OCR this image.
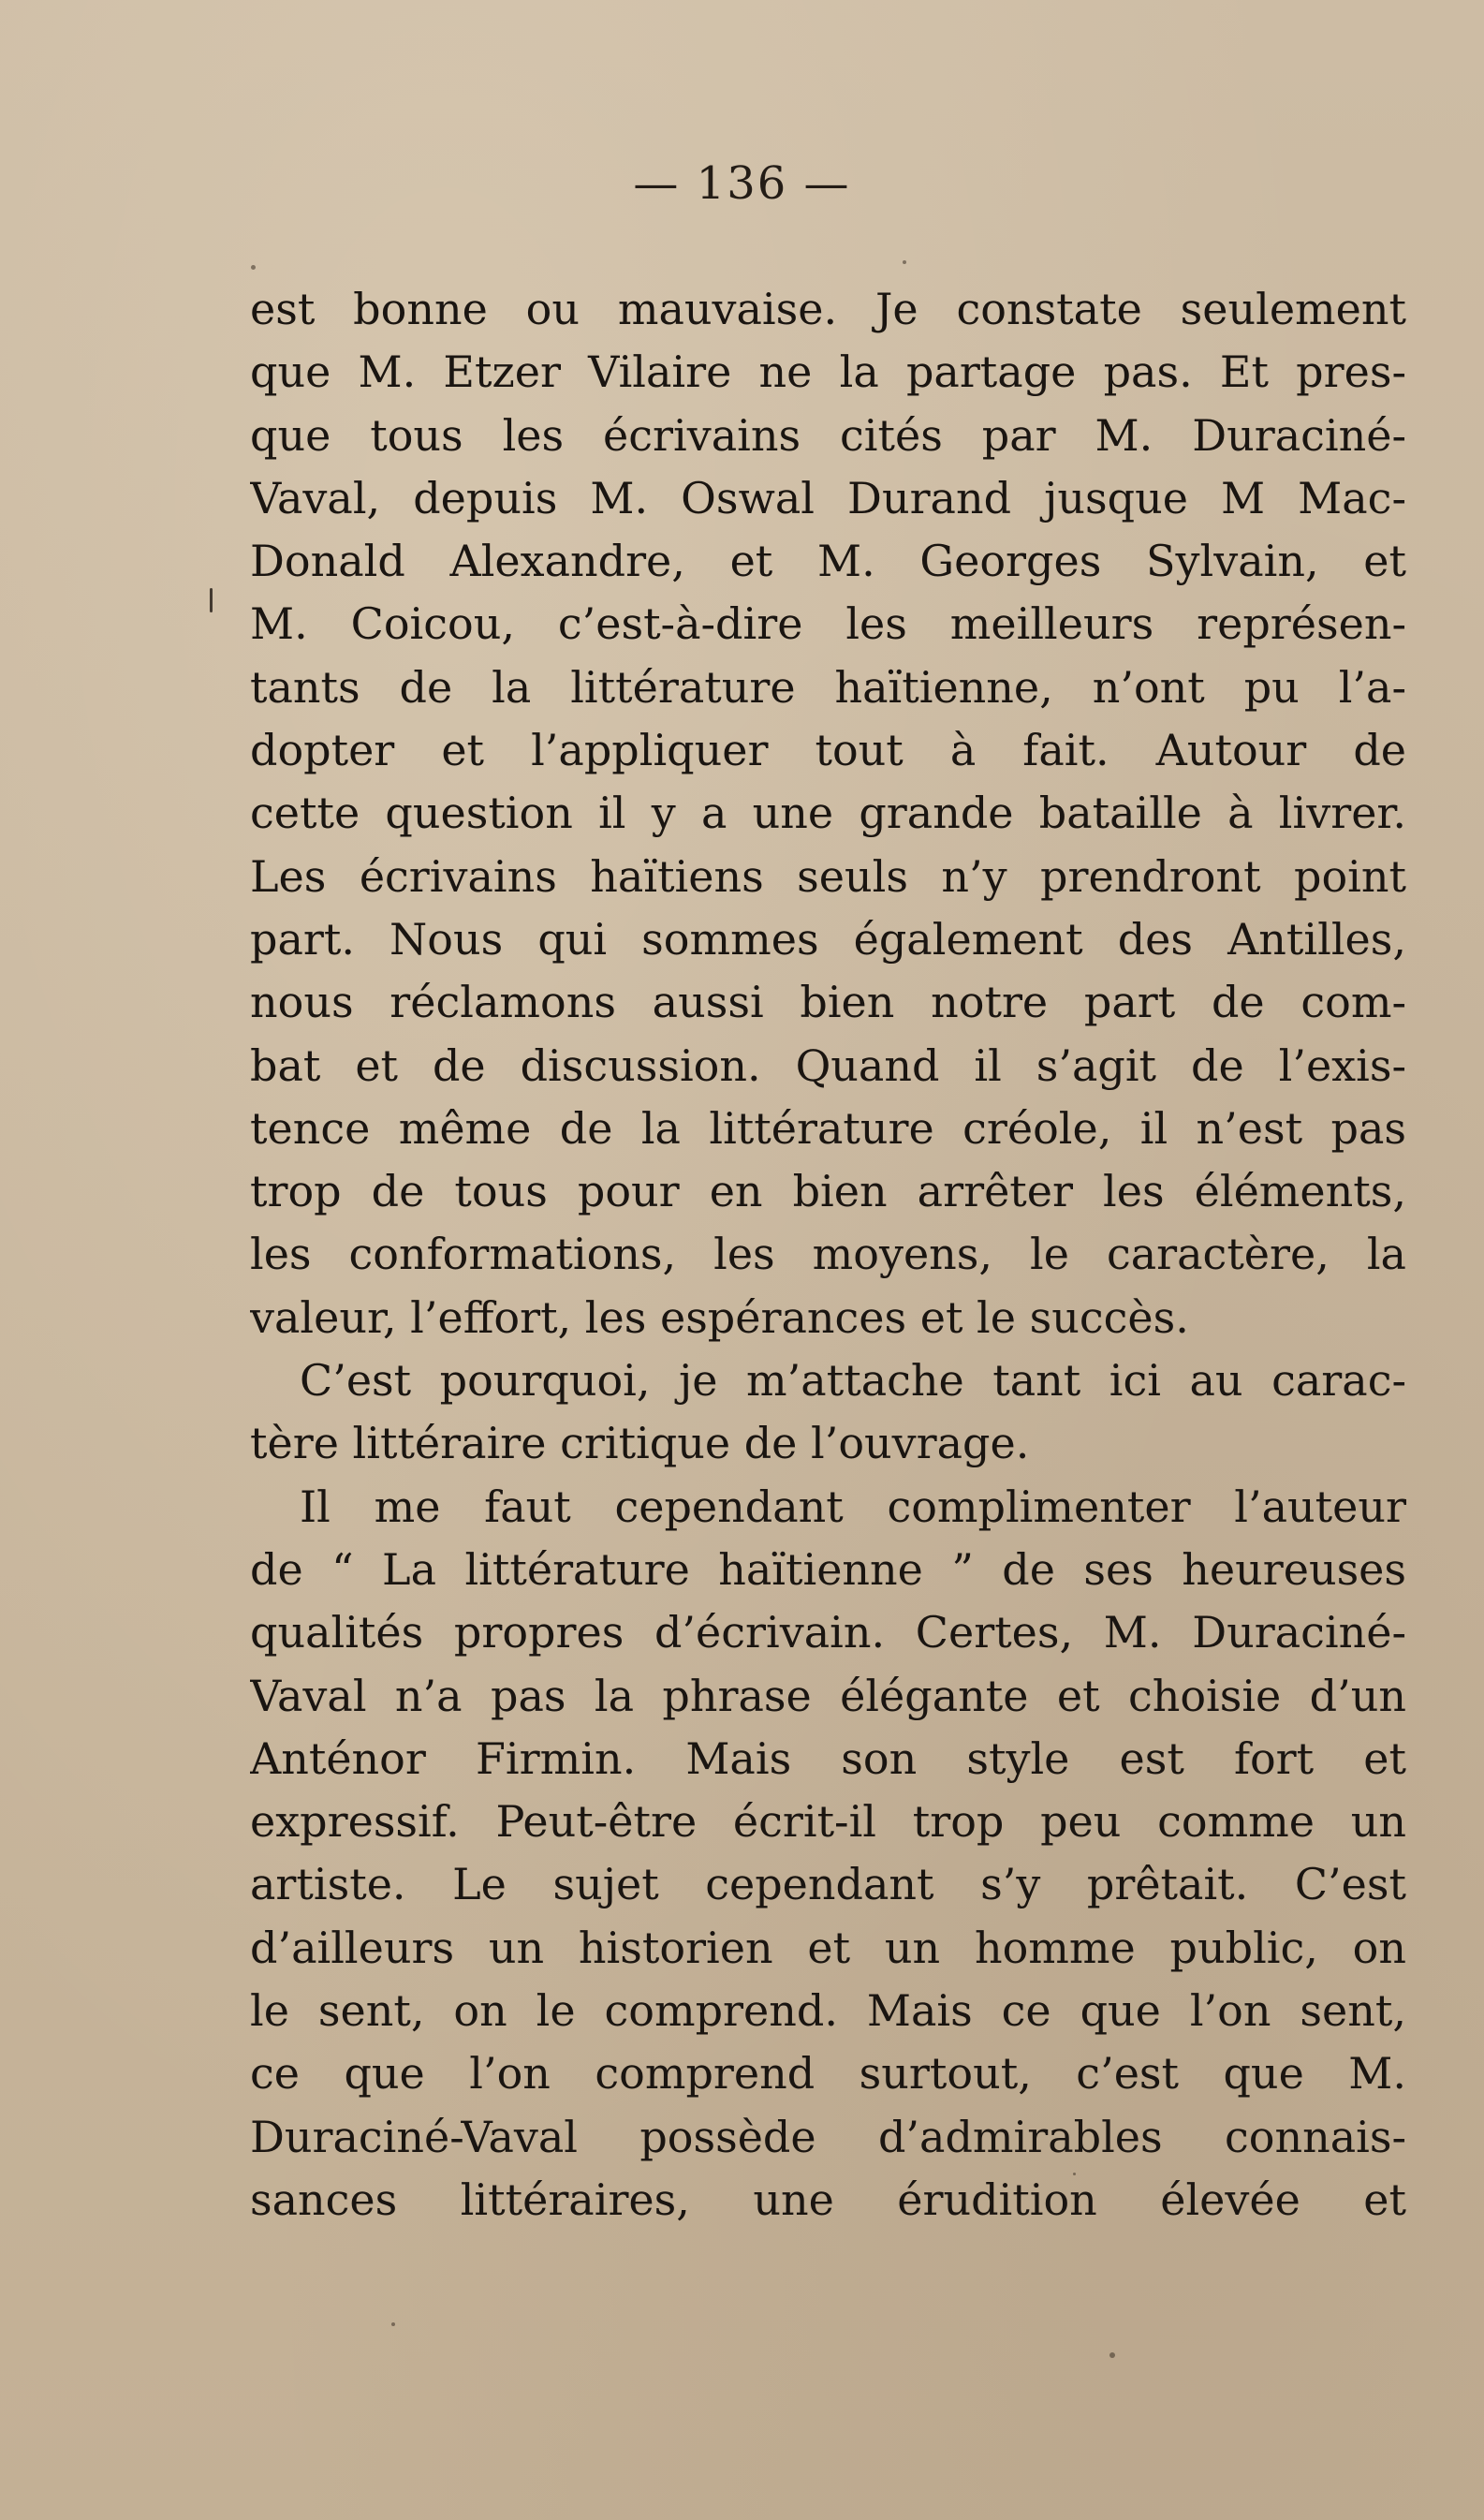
— 136 —
est bonne ou mauvaise. Je constate seulement
que M. Etzer Vilaire ne la partage pas. Et pres-
que tous les écrivains cités par M. Duraciné-
Vaval, depuis M. Oswal Durand jusque M Mac-
Donald Alexandre, et M. Georges Sylvain, et
M. Coicou, c’est-à-dire les meilleurs représen-
tants de la littérature haïtienne, n’ont pu l’a-
dopter et l’appliquer tout à fait. Autour de
cette question il y a une grande bataille à livrer.
Les écrivains haïtiens seuls n’y prendront point
part. Nous qui sommes également des Antilles,
nous réclamons aussi bien notre part de com-
bat et de discussion. Quand il s’agit de l’exis-
tence même de la littérature créole, il n’est pas
trop de tous pour en bien arrêter les éléments,
les conformations, les moyens, le caractère, la
valeur, l’effort, les espérances et le succès.
C’est pourquoi, je m’attache tant ici au carac-
tère littéraire critique de l’ouvrage.
Il me faut cependant complimenter l’auteur
de “ La littérature haïtienne ” de ses heureuses
qualités propres d’écrivain. Certes, M. Duraciné-
Vaval n’a pas la phrase élégante et choisie d’un
Anténor Firmin. Mais son style est fort et
expressif. Peut-être écrit-il trop peu comme un
artiste. Le sujet cependant s’y prêtait. C’est
d’ailleurs un historien et un homme public, on
le sent, on le comprend. Mais ce que l’on sent,
ce que l’on comprend surtout, c’est que M.
Duraciné-Vaval possède d’admirables connais-
sances littéraires, une érudition élevée et
